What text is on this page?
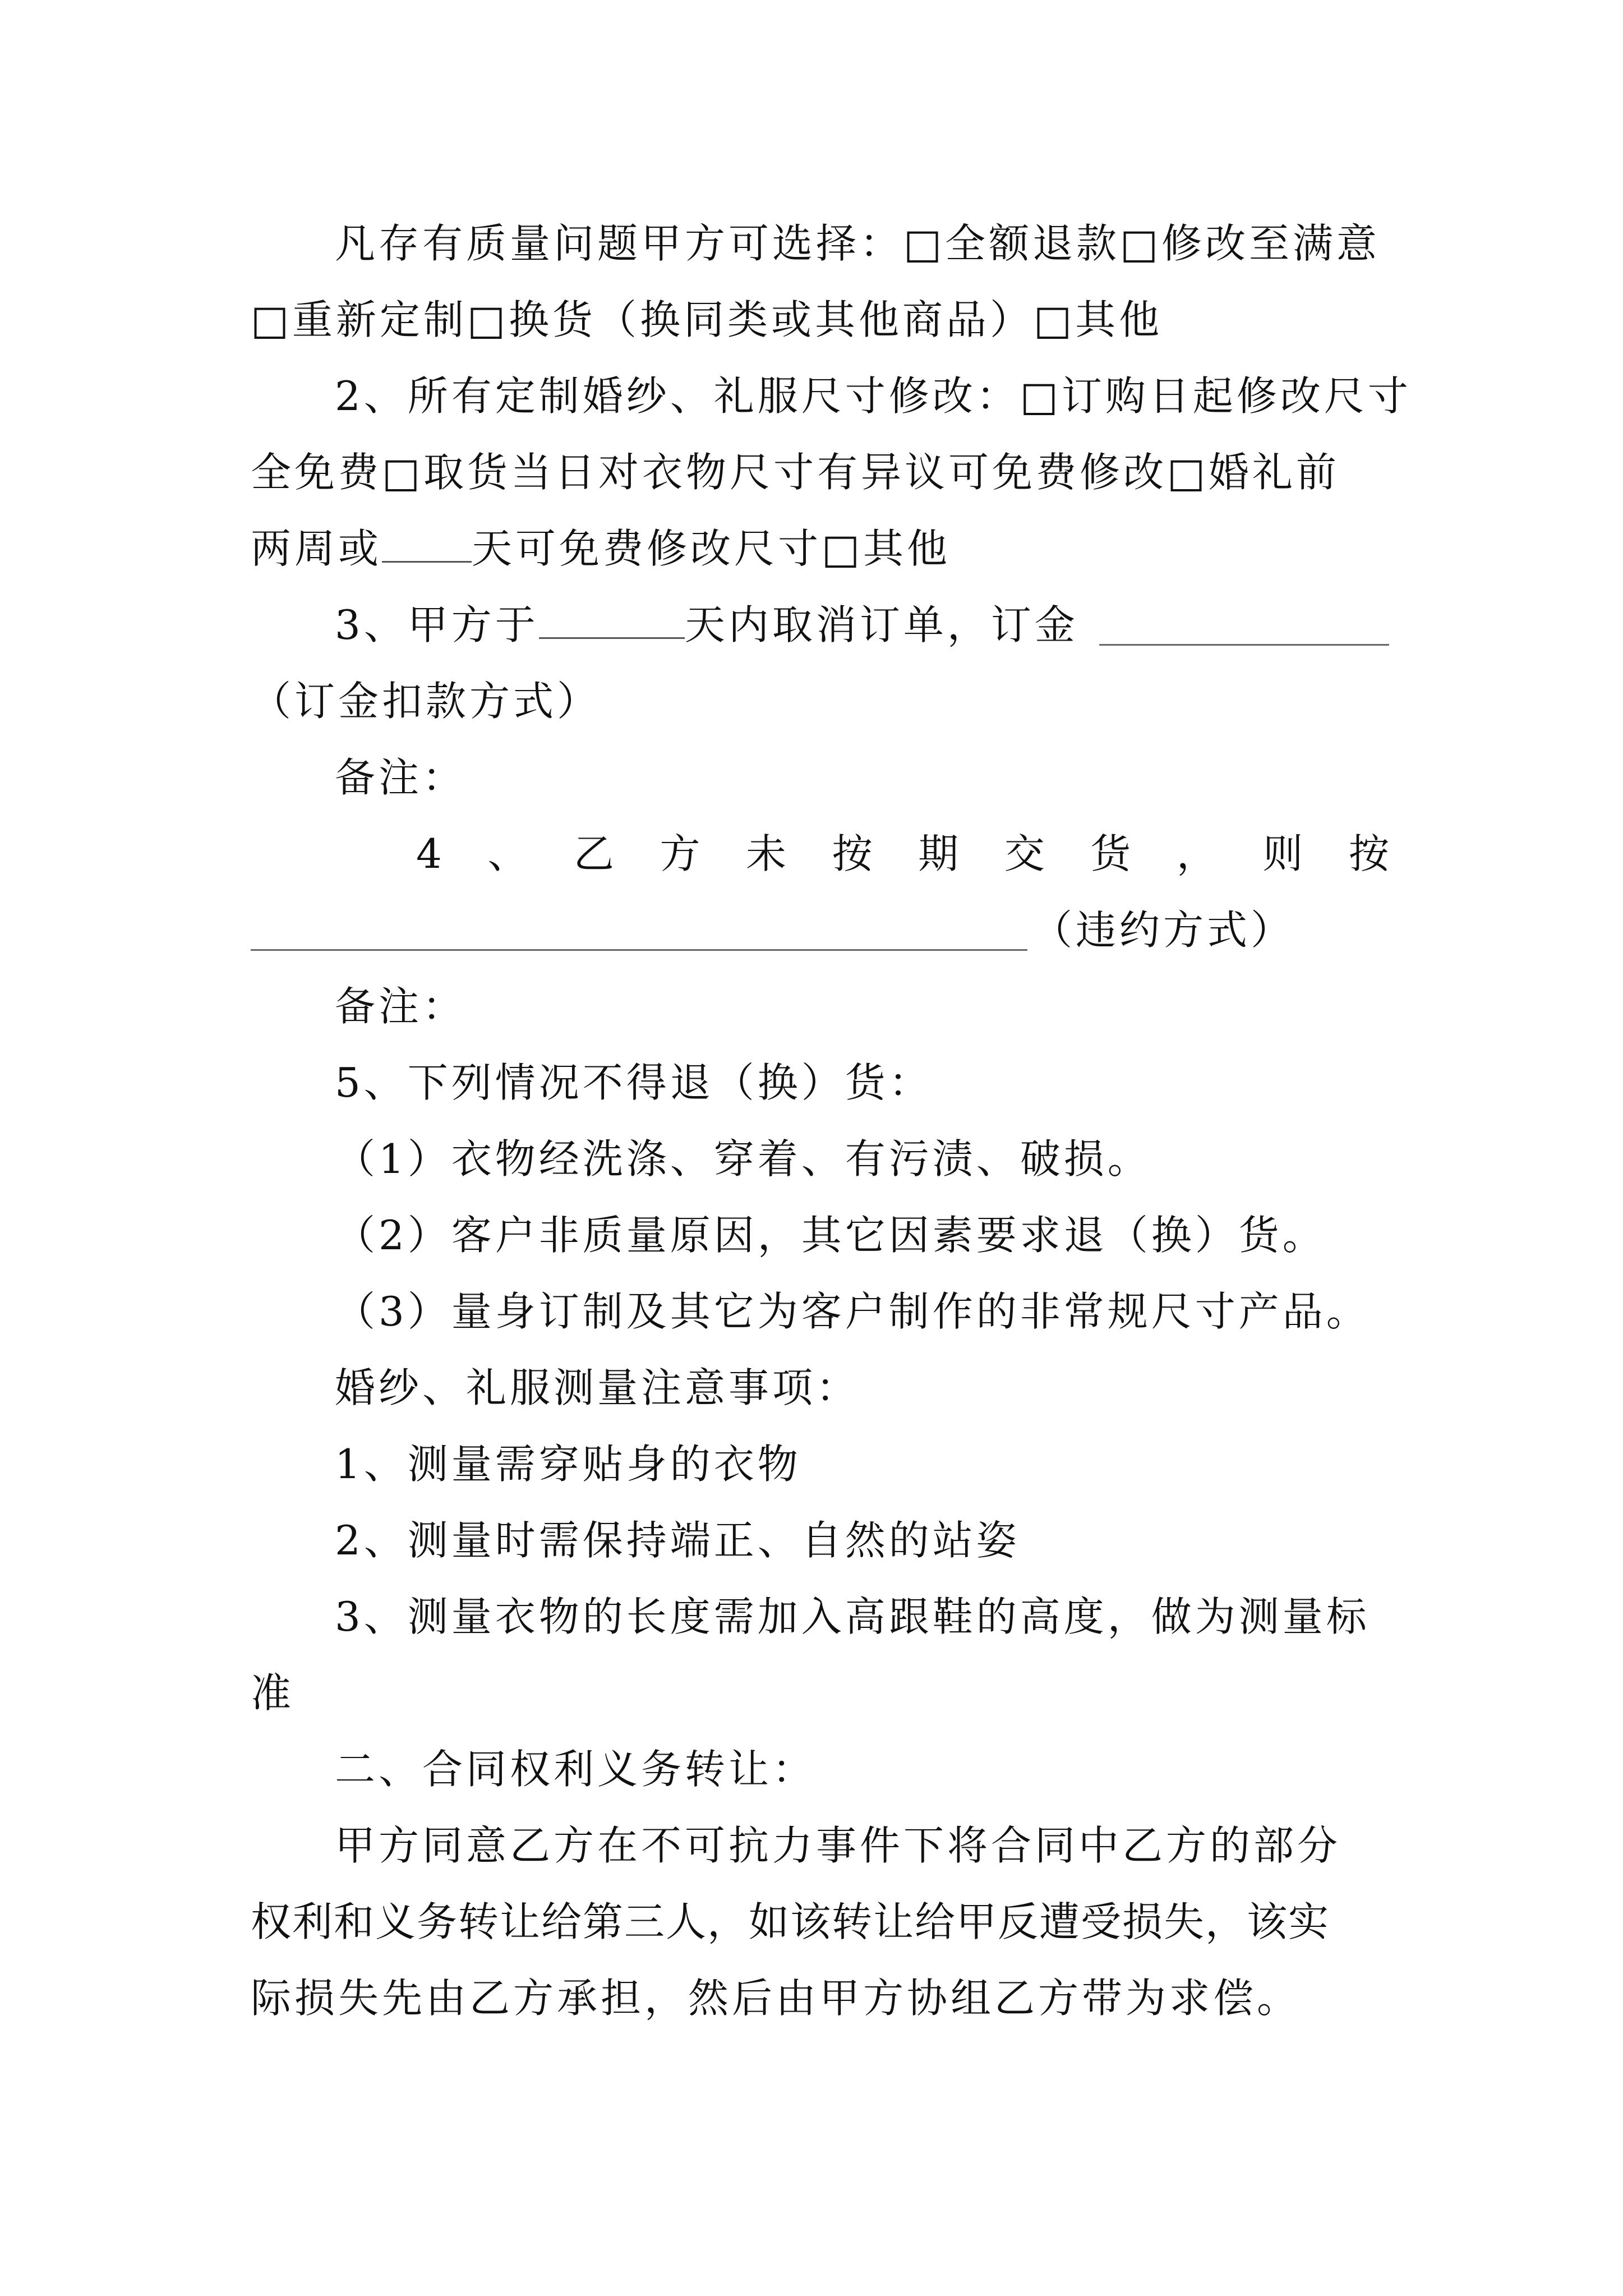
凡存有质量问题甲方可选择：□全额退款□修改至满意
□重新定制□换货（换同类或其他商品）□其他
2、所有定制婚纱、礼服尺寸修改：□订购日起修改尺寸
全免费□取货当日对衣物尺寸有异议可免费修改□婚礼前
两周或 天可免费修改尺寸□其他
3、甲方于	天内取消订单，订金
（订金扣款方式）
备注：
4、乙方未按期交货，则按
（违约方式）
备注：
5、下列情况不得退（换）货：
（1）衣物经洗涤、穿着、有污渍、破损。
（2）客户非质量原因，其它因素要求退（换）货。
（3）量身订制及其它为客户制作的非常规尺寸产品。
婚纱、礼服测量注意事项：
1、测量需穿贴身的衣物
2、测量时需保持端正、自然的站姿
3、测量衣物的长度需加入高跟鞋的高度，做为测量标
准
二、合同权利义务转让：
甲方同意乙方在不可抗力事件下将合同中乙方的部分
权利和义务转让给第三人，如该转让给甲反遭受损失，该实
际损失先由乙方承担，然后由甲方协组乙方带为求偿。
